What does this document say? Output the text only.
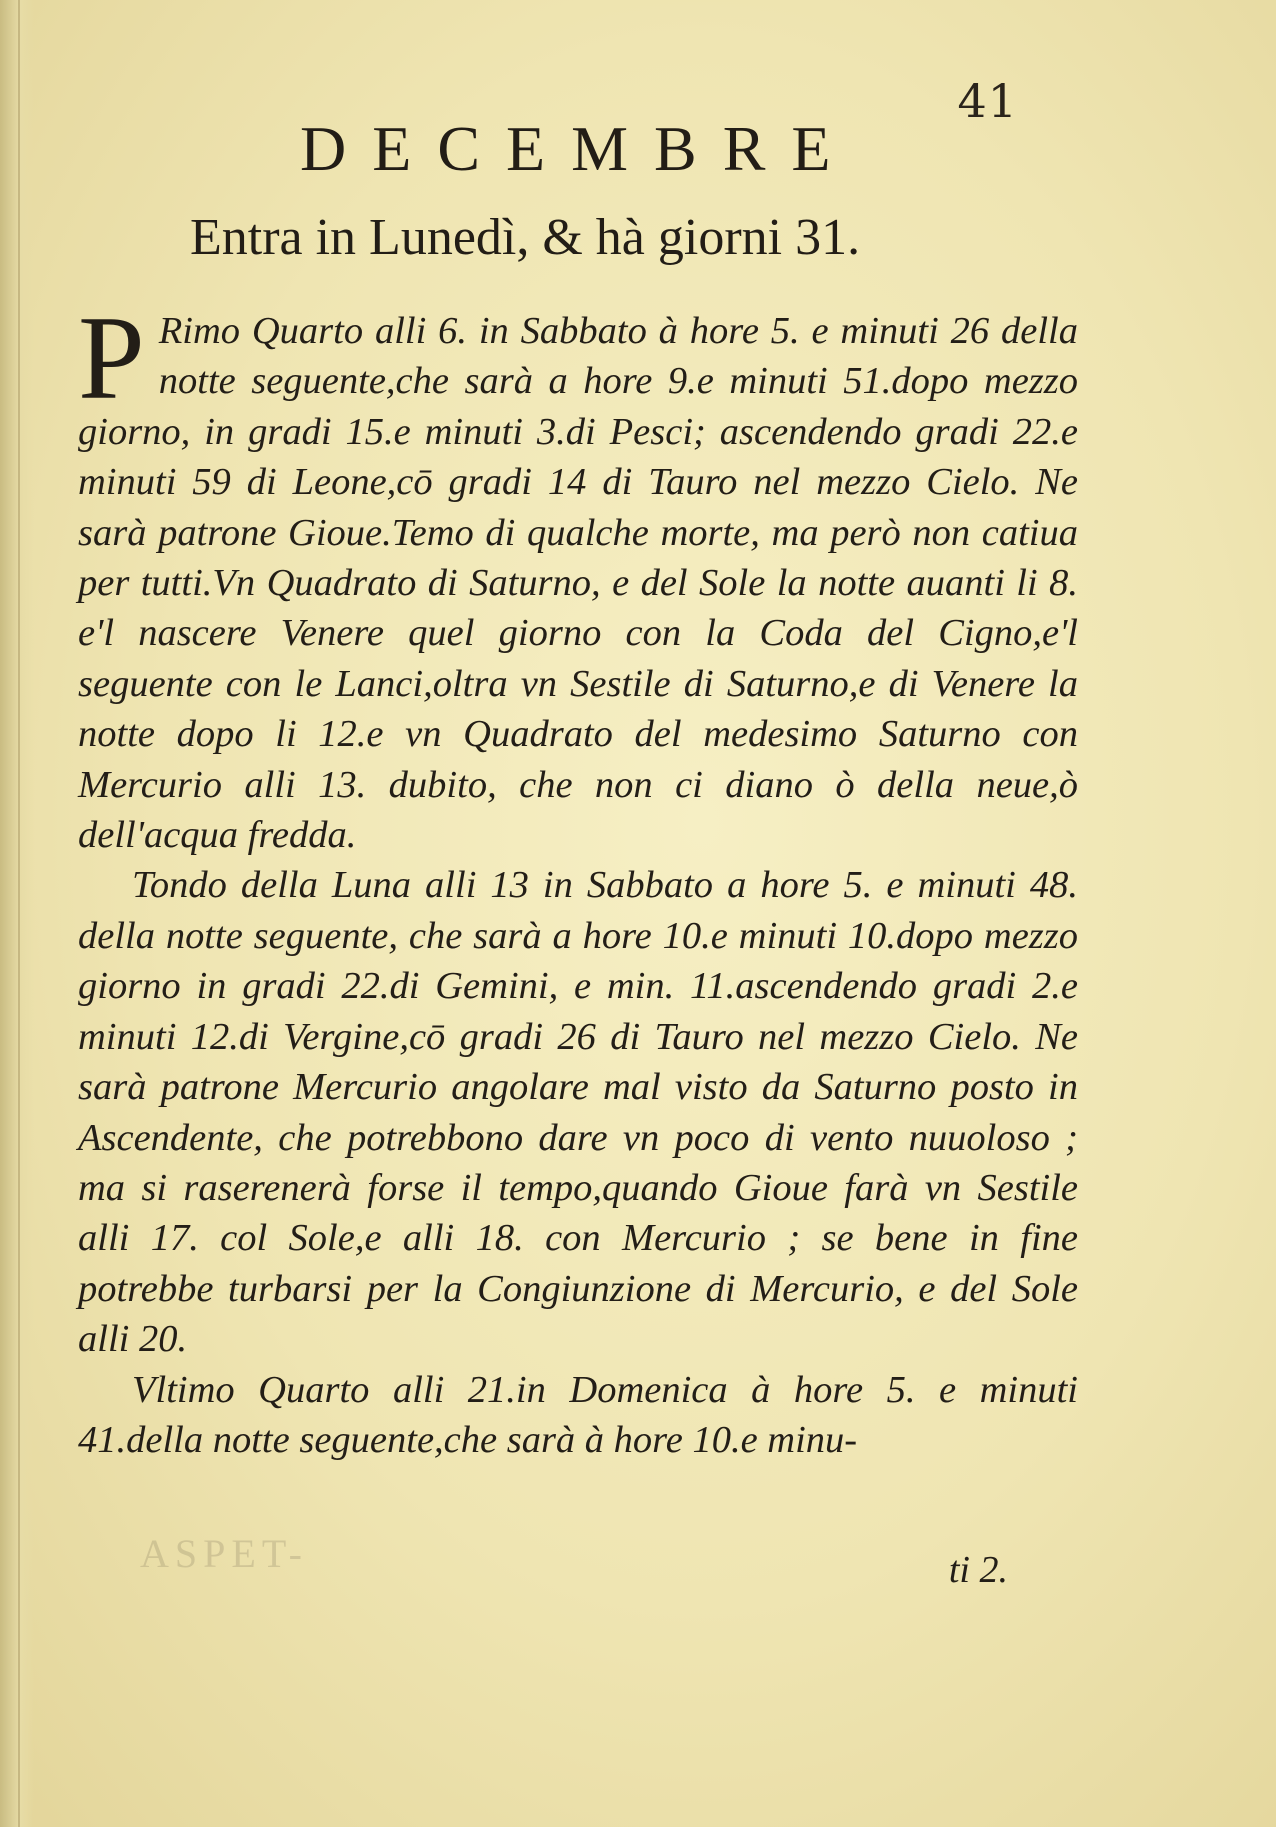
ASPET-
41
DECEMBRE
Entra in Lunedì, & hà giorni 31.

P Rimo Quarto alli 6. in Sabbato à hore 5. e minuti 26 della notte seguente,che sarà a hore 9.e minuti 51.dopo mezzo giorno, in gradi 15.e minuti 3.di Pesci; ascendendo gradi 22.e minuti 59 di Leone,cō gradi 14 di Tauro nel mezzo Cielo. Ne sarà patrone Gioue.Temo di qualche morte, ma però non catiua per tutti.Vn Quadrato di Saturno, e del Sole la notte auanti li 8. e'l nascere Venere quel giorno con la Coda del Cigno,e'l seguente con le Lanci,oltra vn Sestile di Saturno,e di Venere la notte dopo li 12.e vn Quadrato del medesimo Saturno con Mercurio alli 13. dubito, che non ci diano ò della neue,ò dell'acqua fredda.

Tondo della Luna alli 13 in Sabbato a hore 5. e minuti 48. della notte seguente, che sarà a hore 10.e minuti 10.dopo mezzo giorno in gradi 22.di Gemini, e min. 11.ascendendo gradi 2.e minuti 12.di Vergine,cō gradi 26 di Tauro nel mezzo Cielo. Ne sarà patrone Mercurio angolare mal visto da Saturno posto in Ascendente, che potrebbono dare vn poco di vento nuuoloso ; ma si raserenerà forse il tempo,quando Gioue farà vn Sestile alli 17. col Sole,e alli 18. con Mercurio ; se bene in fine potrebbe turbarsi per la Congiunzione di Mercurio, e del Sole alli 20.

Vltimo Quarto alli 21.in Domenica à hore 5. e minuti 41.della notte seguente,che sarà à hore 10.e minu-

ti 2.
